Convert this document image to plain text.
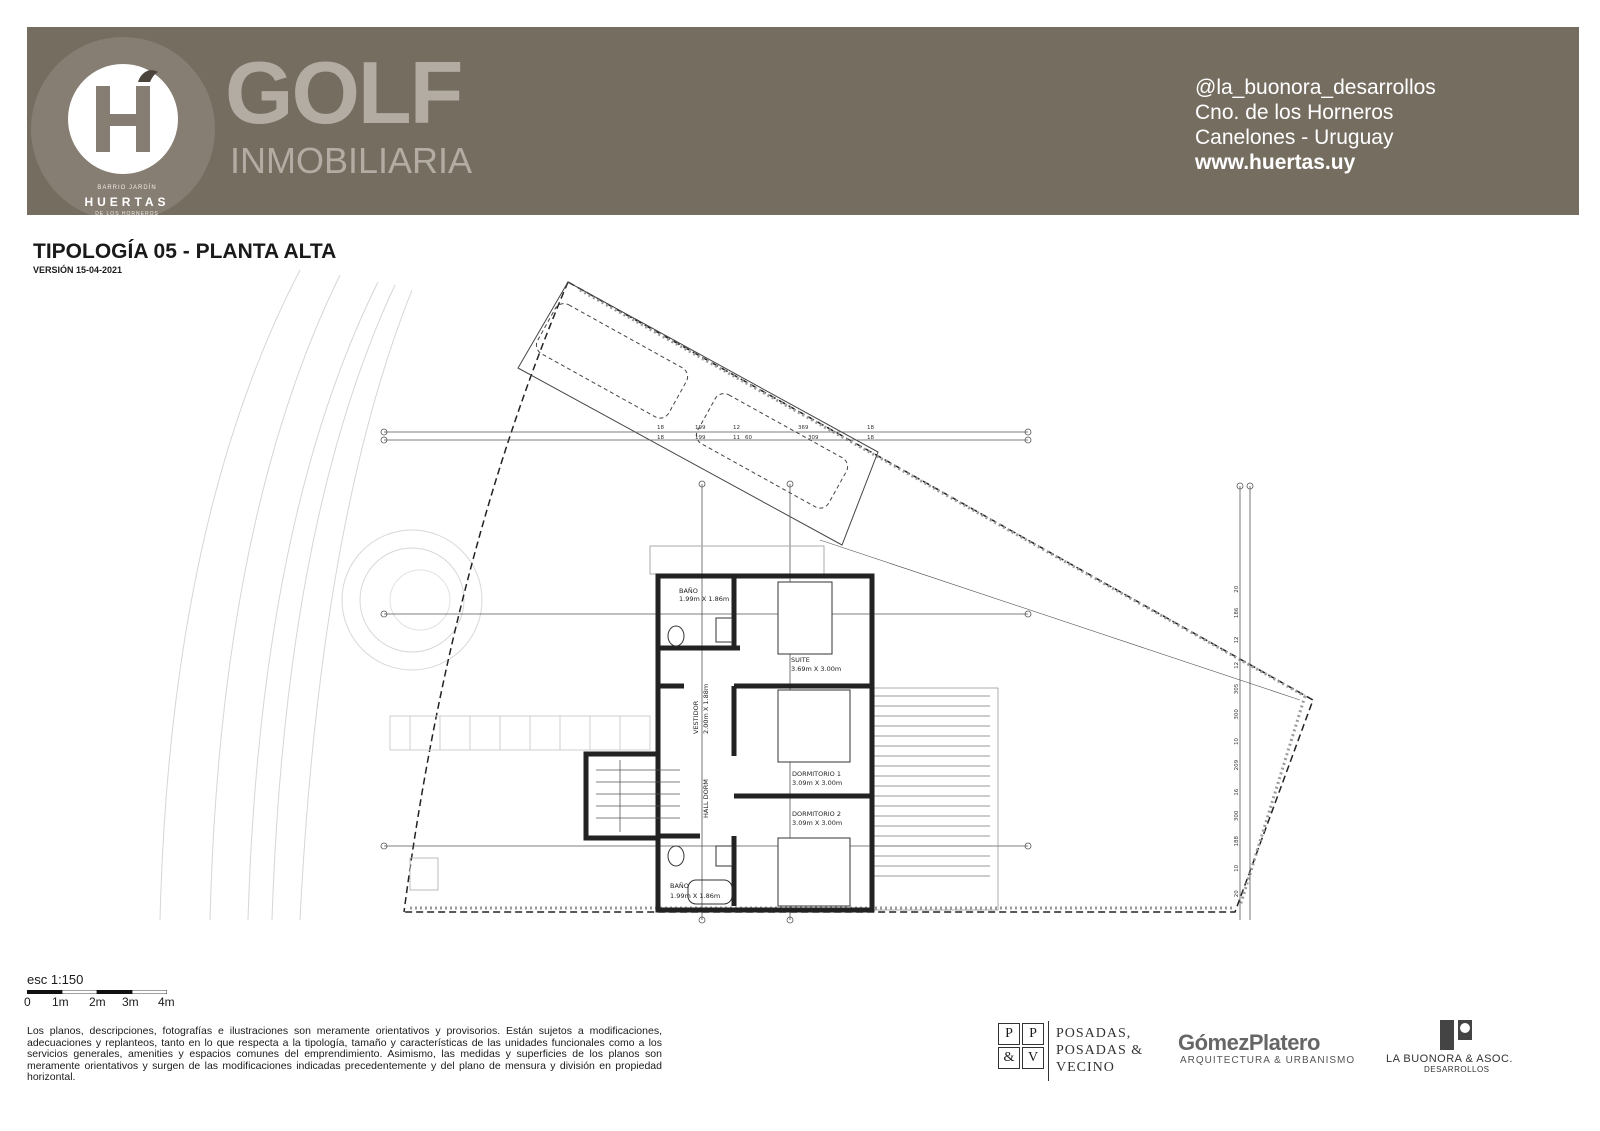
BARRIO JARDÍN
HUERTAS
DE LOS HORNEROS
GOLF
INMOBILIARIA
@la_buonora_desarrollos
Cno. de los Horneros
Canelones - Uruguay
www.huertas.uy
TIPOLOGÍA 05 - PLANTA ALTA
VERSIÓN 15-04-2021
BAÑO
1.99m X 1.86m
SUITE
3.69m X 3.00m
VESTIDOR 2.00m X 1.88m
HALL DORM
DORMITORIO 1
3.09m X 3.00m
DORMITORIO 2
3.09m X 3.00m
BAÑO
1.99m X 1.86m
18	199	12	369	18
18	199	11 60	309	18
20
186
12
12
305
300
10
209
16
300
188
10
20
esc 1:150
0 1m 2m 3m 4m
Los planos, descripciones, fotografías e ilustraciones son meramente orientativos y provisorios. Están sujetos a modificaciones, adecuaciones y replanteos, tanto en lo que respecta a la tipología, tamaño y características de las unidades funcionales como a los servicios generales, amenities y espacios comunes del emprendimiento. Asimismo, las medidas y superficies de los planos son meramente orientativos y surgen de las modificaciones indicadas precedentemente y del plano de mensura y división en propiedad horizontal.
P	P
& V
POSADAS,
POSADAS &
VECINO
GómezPlatero
ARQUITECTURA & URBANISMO	LA BUONORA & ASOC.
DESARROLLOS
